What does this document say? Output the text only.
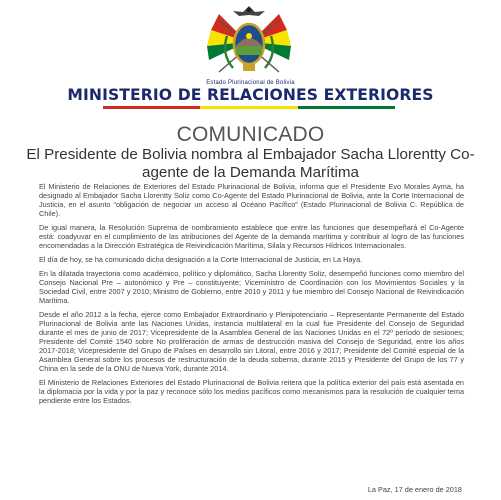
Estado Plurinacional de Bolivia
MINISTERIO DE RELACIONES EXTERIORES
COMUNICADO
El Presidente de Bolivia nombra al Embajador Sacha Llorentty Co-agente de la Demanda Marítima

El Ministerio de Relaciones de Exteriores del Estado Plurinacional de Bolivia, informa que el Presidente Evo Morales Ayma, ha designado al Embajador Sacha Llorentty Soliz como Co-Agente del Estado Plurinacional de Bolivia, ante la Corte Internacional de Justicia, en el asunto “obligación de negociar un acceso al Océano Pacífico” (Estado Plurinacional de Bolivia C. República de Chile).

De igual manera, la Resolución Suprema de nombramiento establece que entre las funciones que desempeñará el Co-Agente está: coadyuvar en el cumplimiento de las atribuciones del Agente de la demanda marítima y contribuir al logro de las funciones encomendadas a la Dirección Estratégica de Reivindicación Marítima, Silala y Recursos Hídricos Internacionales.

El día de hoy, se ha comunicado dicha designación a la Corte Internacional de Justicia, en La Haya.

En la dilatada trayectoria como académico, político y diplomático, Sacha Llorentty Soliz, desempeñó funciones como miembro del Consejo Nacional Pre – autonómico y Pre – constituyente; Viceministro de Coordinación con los Movimientos Sociales y la Sociedad Civil, entre 2007 y 2010; Ministro de Gobierno, entre 2010 y 2011 y fue miembro del Consejo Nacional de Reivindicación Marítima.

Desde el año 2012 a la fecha, ejerce como Embajador Extraordinario y Plenipotenciario – Representante Permanente del Estado Plurinacional de Bolivia ante las Naciones Unidas, instancia multilateral en la cual fue Presidente del Consejo de Seguridad durante el mes de junio de 2017; Vicepresidente de la Asamblea General de las Naciones Unidas en el 72º período de sesiones; Presidente del Comité 1540 sobre No proliferación de armas de destrucción masiva del Consejo de Seguridad, entre los años 2017-2018; Vicepresidente del Grupo de Países en desarrollo sin Litoral, entre 2016 y 2017; Presidente del Comité especial de la Asamblea General sobre los procesos de restructuración de la deuda soberna, durante 2015 y Presidente del Grupo de los 77 y China en la sede de la ONU de Nueva York, durante 2014.

El Ministerio de Relaciones Exteriores del Estado Plurinacional de Bolivia reitera que la política exterior del país está asentada en la diplomacia por la vida y por la paz y reconoce sólo los medios pacíficos como mecanismos para la resolución de cualquier tema pendiente entre los Estados.

La Paz, 17 de enero de 2018
